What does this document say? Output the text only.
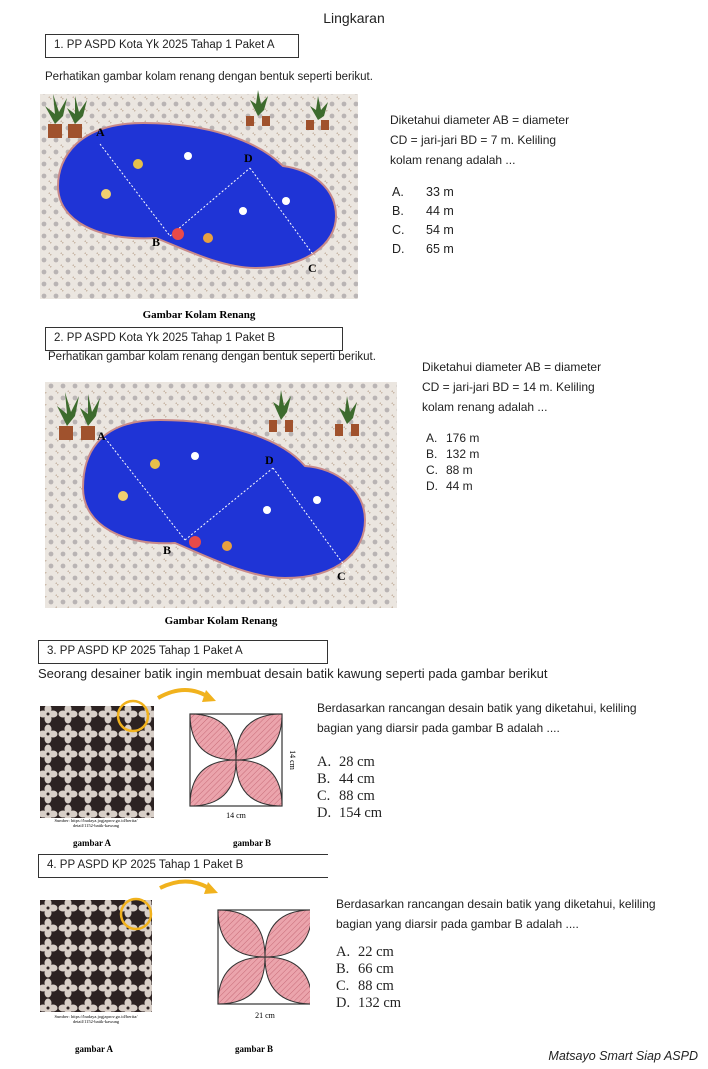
Lingkaran
1. PP ASPD Kota Yk 2025 Tahap 1 Paket A
Perhatikan gambar kolam renang dengan bentuk seperti berikut.
A
B
C
D
Gambar Kolam Renang
Diketahui diameter AB = diameter
CD = jari-jari BD = 7 m. Keliling
kolam renang adalah ...
A.	33 m
B.	44 m
C.	54 m
D.	65 m
2. PP ASPD Kota Yk 2025 Tahap 1 Paket B
Perhatikan gambar kolam renang dengan bentuk seperti berikut.
A
B
C
D
Gambar Kolam Renang
Diketahui diameter AB = diameter
CD = jari-jari BD = 14 m. Keliling
kolam renang adalah ...
A. 176 m
B. 132 m
C. 88 m
D. 44 m
3. PP ASPD KP 2025 Tahap 1 Paket A
Seorang desainer batik ingin membuat desain batik kawung seperti pada gambar berikut
14 cm
14 cm
Sumber: https://budaya.jogjaprov.go.id/berita/
detail/1152-batik-kawung
gambar A	gambar B
Berdasarkan rancangan desain batik yang diketahui, keliling
bagian yang diarsir pada gambar B adalah ....
A. 28 cm
B. 44 cm
C. 88 cm
D. 154 cm
4. PP ASPD KP 2025 Tahap 1 Paket B
21 cm
Sumber: https://budaya.jogjaprov.go.id/berita/
detail/1152-batik-kawung
gambar A	gambar B
Berdasarkan rancangan desain batik yang diketahui, keliling
bagian yang diarsir pada gambar B adalah ....
A. 22 cm
B. 66 cm
C. 88 cm
D. 132 cm
Matsayo Smart Siap ASPD
